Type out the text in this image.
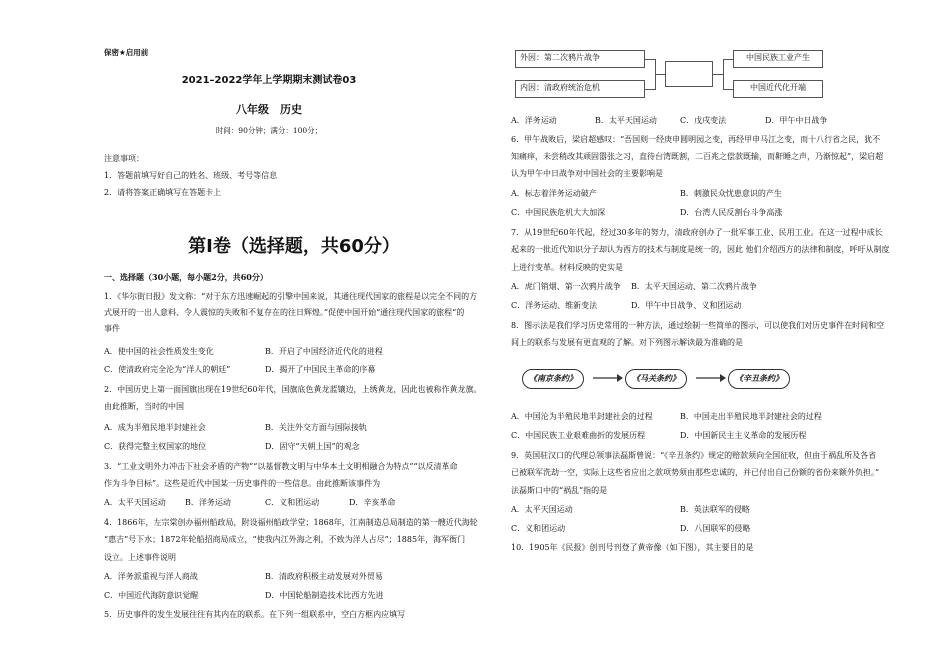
保密★启用前
2021–2022学年上学期期末测试卷03
八年级　历史
时间：90分钟；满分：100分；
注意事项：
1．答题前填写好自己的姓名、班级、考号等信息
2．请将答案正确填写在答题卡上
第Ⅰ卷（选择题，共60分）
一、选择题（30小题，每小题2分，共60分）
1．《华尔街日报》发文称：“对于东方迅速崛起的引擎中国来说，其通往现代国家的旅程是以完全不同的方
式展开的一出人意料、令人震惊的失败和不复存在的往日辉煌。”促使中国开始“通往现代国家的旅程“的
事件
A．使中国的社会性质发生变化	B．开启了中国经济近代化的进程
C．使清政府完全沦为“洋人的朝廷”	D．揭开了中国民主革命的序幕
2．中国历史上第一面国旗出现在19世纪60年代，国旗底色黄龙蓝镶边，上绣黄龙，因此也被称作黄龙旗。
由此推断，当时的中国
A．成为半殖民地半封建社会	B．关注外交方面与国际接轨
C．获得完整主权国家的地位	D．固守“天朝上国”的观念
3．“工业文明外力冲击下社会矛盾的产物”“以基督教文明与中华本土文明相融合为特点”“以反清革命
作为斗争目标”。这些是近代中国某一历史事件的一些信息。由此推断该事件为
A．太平天国运动 B．洋务运动	C．义和团运动	D．辛亥革命
4．1866年，左宗棠创办福州船政局，附设福州船政学堂；1868年，江南制造总局制造的第一艘近代海轮
“惠吉”号下水；1872年轮船招商局成立，“使我内江外海之利，不致为洋人占尽”；1885年，海军衙门
设立。上述事件说明
A．洋务派重视与洋人商战	B．清政府积极主动发展对外贸易
C．中国近代海防意识觉醒	D．中国轮船制造技术比西方先进
5．历史事件的发生发展往往有其内在的联系。在下列一组联系中，空白方框内应填写
外因：第二次鸦片战争
内因：清政府统治危机
中国民族工业产生
中国近代化开端
A．洋务运动	B．太平天国运动	C．戊戌变法	D．甲午中日战争
6．甲午战败后，梁启超感叹：“吾国则一经庚申圆明园之变，再经甲申马江之变，而十八行省之民，犹不
知痛痒，未尝稍改其顽固嚣张之习，直待台湾既割，二百兆之偿款既输，而鼾睡之声，乃渐惊起”，梁启超
认为甲午中日战争对中国社会的主要影响是
A．标志着洋务运动破产	B．刺激民众忧患意识的产生
C．中国民族危机大大加深	D．台湾人民反割台斗争高涨
7．从19世纪60年代起，经过30多年的努力，清政府创办了一批军事工业、民用工业。在这一过程中成长
起来的一批近代知识分子却认为西方的技术与制度是统一的，因此 他们介绍西方的法律和制度，呼吁从制度
上进行变革。材料反映的史实是
A．虎门销烟、第一次鸦片战争 B．太平天国运动、第二次鸦片战争
C．洋务运动、维新变法	D．甲午中日战争、义和团运动
8．图示法是我们学习历史常用的一种方法，通过绘制一些简单的图示，可以使我们对历史事件在时间和空
间上的联系与发展有更直观的了解。对下列图示解读最为准确的是
《南京条约》	《马关条约》	《辛丑条约》
A．中国沦为半殖民地半封建社会的过程	B．中国走出半殖民地半封建社会的过程
C．中国民族工业艰难曲折的发展历程	D．中国新民主主义革命的发展历程
9．英国驻汉口的代理总领事法磊斯曾说：“《辛丑条约》规定的赔款须向全国征收，但由于祸乱所及各省
已被联军洗劫一空，实际上这些省应出之款项势须由那些忠诚的，并已付出自己份额的省份来额外负担。”
法磊斯口中的“祸乱”指的是
A．太平天国运动	B．英法联军的侵略
C．义和团运动	D．八国联军的侵略
10．1905年《民报》创刊号刊登了黄帝像（如下图），其主要目的是
